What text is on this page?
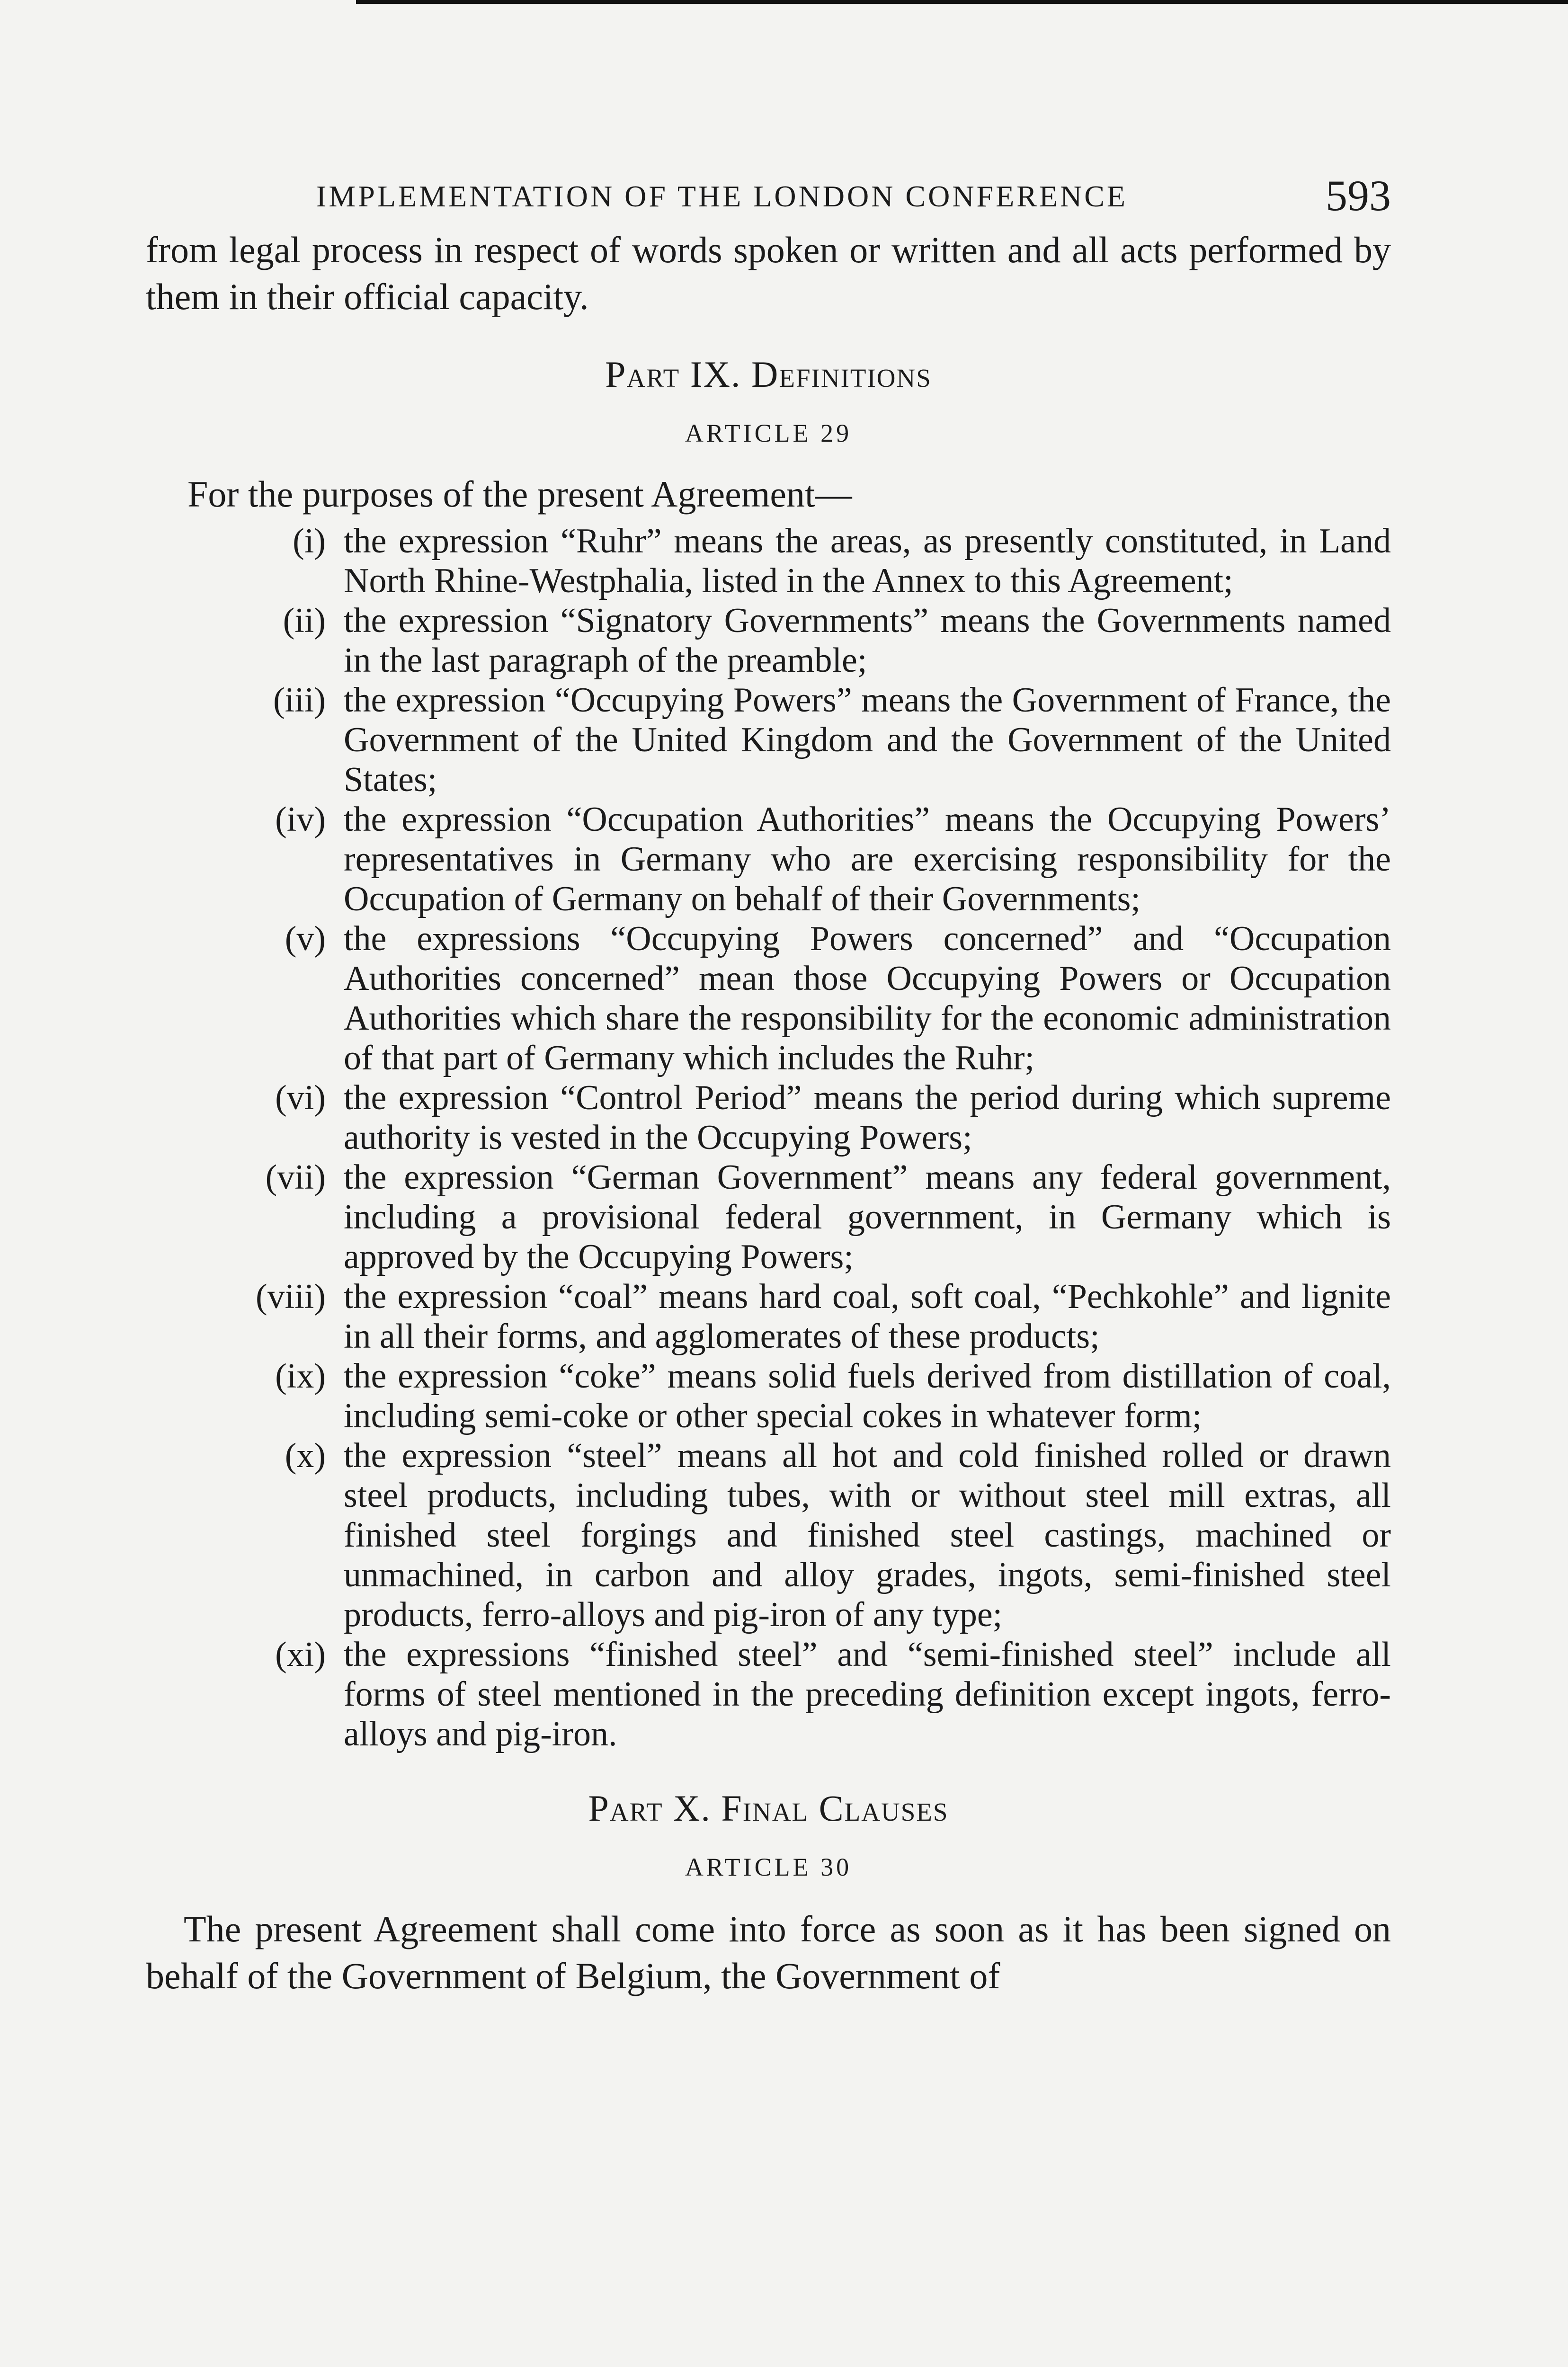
IMPLEMENTATION OF THE LONDON CONFERENCE	593

from legal process in respect of words spoken or written and all acts performed by them in their official capacity.

Part IX. Definitions
ARTICLE 29

For the purposes of the present Agreement—

(i) the expression “Ruhr” means the areas, as presently constituted, in Land North Rhine-Westphalia, listed in the Annex to this Agreement;

(ii) the expression “Signatory Governments” means the Governments named in the last paragraph of the preamble;

(iii) the expression “Occupying Powers” means the Government of France, the Government of the United Kingdom and the Government of the United States;

(iv) the expression “Occupation Authorities” means the Occupying Powers’ representatives in Germany who are exercising responsibility for the Occupation of Germany on behalf of their Governments;

(v) the expressions “Occupying Powers concerned” and “Occupation Authorities concerned” mean those Occupying Powers or Occupation Authorities which share the responsibility for the economic administration of that part of Germany which includes the Ruhr;

(vi) the expression “Control Period” means the period during which supreme authority is vested in the Occupying Powers;

(vii) the expression “German Government” means any federal government, including a provisional federal government, in Germany which is approved by the Occupying Powers;

(viii) the expression “coal” means hard coal, soft coal, “Pechkohle” and lignite in all their forms, and agglomerates of these products;

(ix) the expression “coke” means solid fuels derived from distillation of coal, including semi-coke or other special cokes in whatever form;

(x) the expression “steel” means all hot and cold finished rolled or drawn steel products, including tubes, with or without steel mill extras, all finished steel forgings and finished steel castings, machined or unmachined, in carbon and alloy grades, ingots, semi-finished steel products, ferro-alloys and pig-iron of any type;

(xi) the expressions “finished steel” and “semi-finished steel” include all forms of steel mentioned in the preceding definition except ingots, ferro-alloys and pig-iron.

Part X. Final Clauses
ARTICLE 30

The present Agreement shall come into force as soon as it has been signed on behalf of the Government of Belgium, the Government of
